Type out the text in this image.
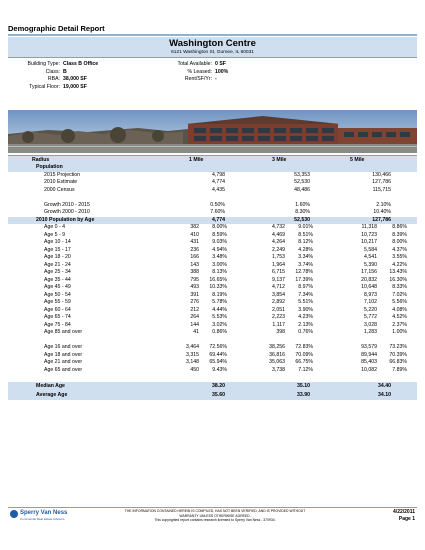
Demographic Detail Report
Washington Centre
6121 Washington St, Gurnee, IL 60031
Building Type: Class B Office
Class: B
RBA: 38,000 SF
Typical Floor: 19,000 SF
Total Available: 0 SF
% Leased: 100%
Rent/SF/Yr: -
Radius	1 Mile	3 Mile	5 Mile
Population
2015 Projection	4,798	53,353	130,466
2010 Estimate	4,774	52,530	127,786
2000 Census	4,435	48,486	115,715
Growth 2010 - 2015	0.50%	1.60%	2.10%
Growth 2000 - 2010	7.60%	8.30%	10.40%
2010 Population by Age	4,774	52,530	127,786
Age 0 - 4	382	8.00%	4,732	9.01%	11,318	8.86%
Age 5 - 9	410	8.59%	4,469	8.51%	10,723	8.39%
Age 10 - 14	431	9.03%	4,264	8.12%	10,217	8.00%
Age 15 - 17	236	4.94%	2,249	4.28%	5,584	4.37%
Age 18 - 20	166	3.48%	1,753	3.34%	4,541	3.55%
Age 21 - 24	143	3.00%	1,964	3.74%	5,390	4.22%
Age 25 - 34	388	8.13%	6,715 12.78%	17,156 13.43%
Age 35 - 44	795 16.65%	9,137 17.39%	20,832 16.30%
Age 45 - 49	493 10.33%	4,712	8.97%	10,648	8.33%
Age 50 - 54	391	8.19%	3,854	7.34%	8,973	7.02%
Age 55 - 59	276	5.78%	2,892	5.51%	7,102	5.56%
Age 60 - 64	212	4.44%	2,051	3.90%	5,220	4.08%
Age 65 - 74	264	5.53%	2,223	4.23%	5,772	4.52%
Age 75 - 84	144	3.02%	1,117	2.13%	3,028	2.37%
Age 85 and over	41	0.86%	398	0.76%	1,283	1.00%
Age 16 and over	3,464 72.56%	38,256 72.83%	93,579 73.23%
Age 18 and over	3,315 69.44%	36,816 70.09%	89,944 70.39%
Age 21 and over	3,148 65.94%	35,063 66.75%	85,403 66.83%
Age 65 and over	450	9.43%	3,738	7.12%	10,082	7.89%
Median Age	38.20	35.10	34.40
Average Age	35.60	33.90	34.10
Sperry Van Ness
Commercial Real Estate Advisors
THE INFORMATION CONTAINED HEREIN IS COMPILED, HAS NOT BEEN VERIFIED, AND IS PROVIDED WITHOUT
WARRANTY UNLESS OTHERWISE AGREED.
This copyrighted report contains research licensed to Sperry Van Ness - 370934.
4/22/2011
Page 1
